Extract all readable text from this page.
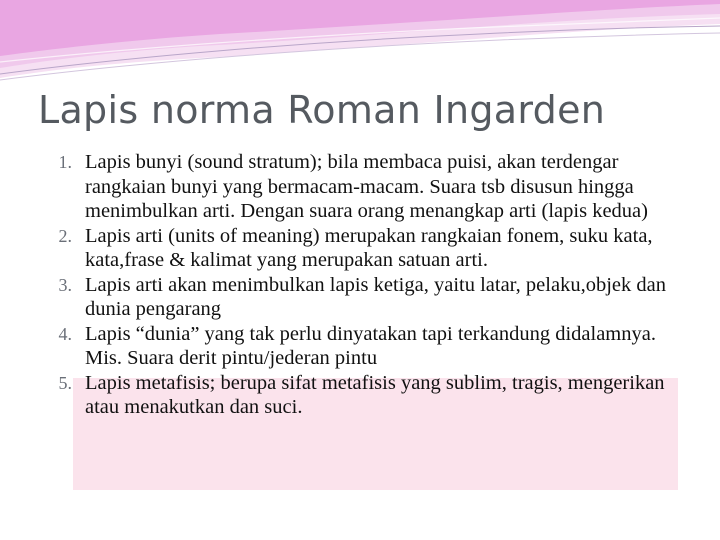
Lapis norma Roman Ingarden
1. Lapis bunyi (sound stratum); bila membaca puisi, akan terdengar rangkaian bunyi yang bermacam-macam. Suara tsb disusun hingga menimbulkan arti. Dengan suara orang menangkap arti (lapis kedua)
2. Lapis arti (units of meaning) merupakan rangkaian fonem, suku kata, kata,frase & kalimat yang merupakan satuan arti.
3. Lapis arti akan menimbulkan lapis ketiga, yaitu latar, pelaku,objek dan dunia pengarang
4. Lapis “dunia” yang tak perlu dinyatakan tapi terkandung didalamnya. Mis. Suara derit pintu/jederan pintu
5. Lapis metafisis; berupa sifat metafisis yang sublim, tragis, mengerikan atau menakutkan dan suci.
